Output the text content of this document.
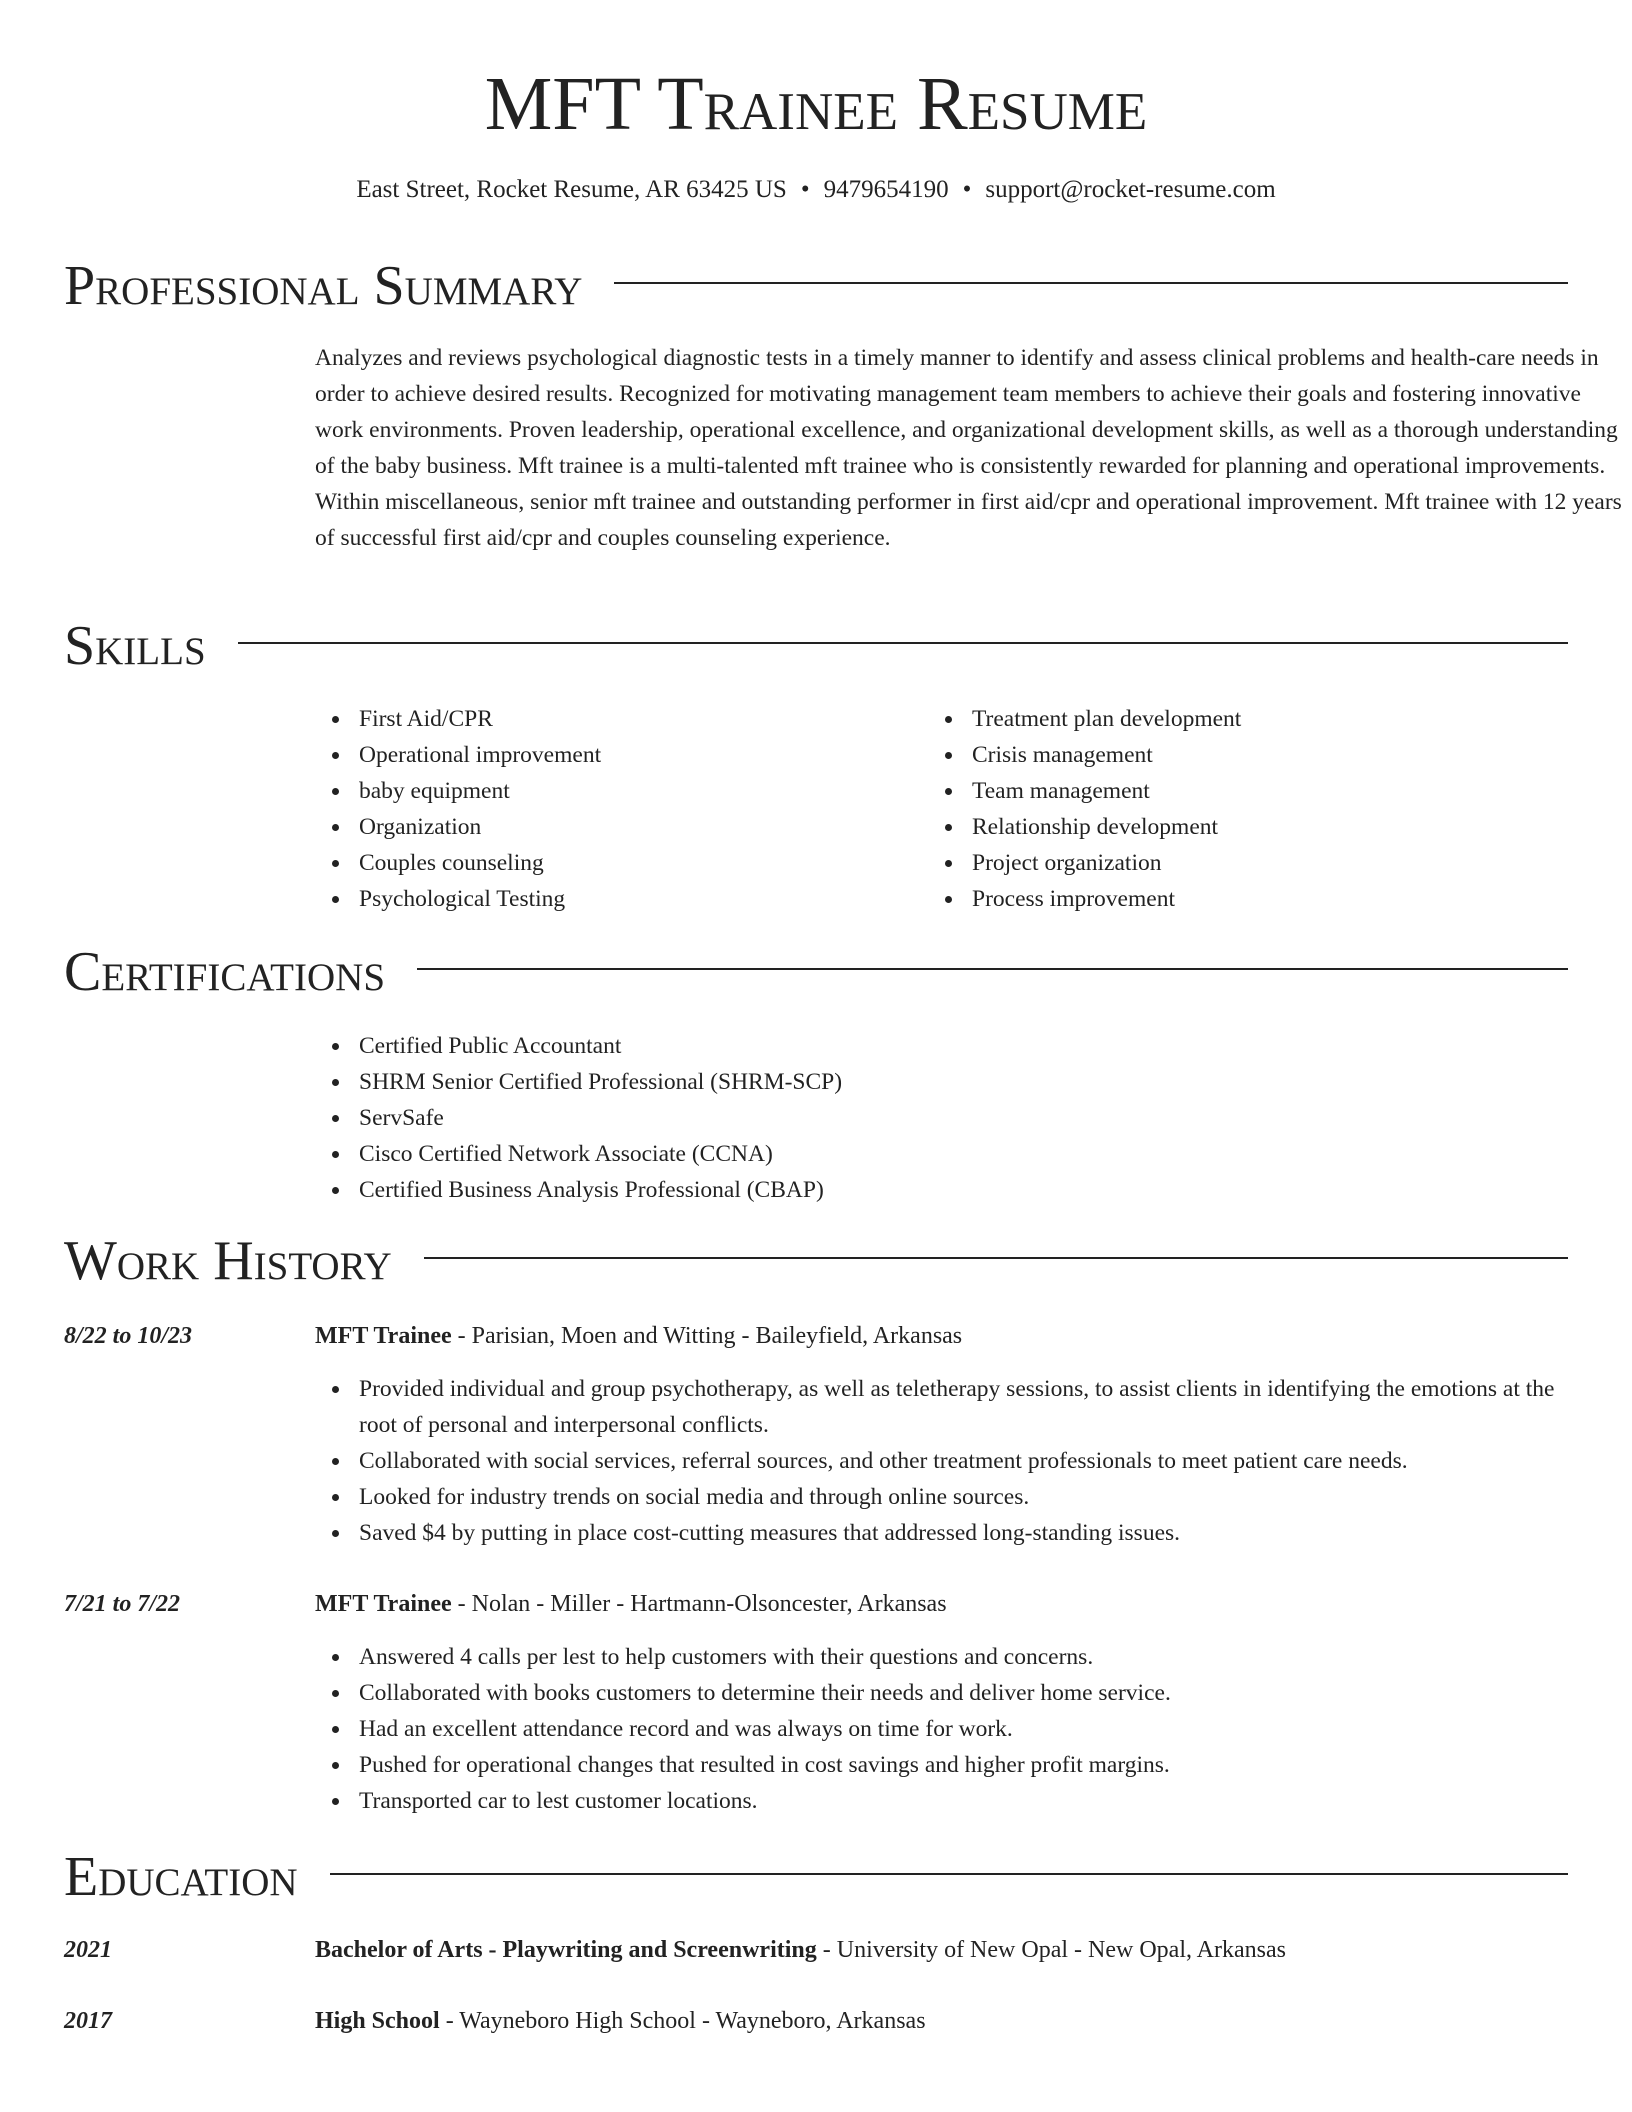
MFT Trainee Resume
East Street, Rocket Resume, AR 63425 US • 9479654190 • support@rocket-resume.com
Professional Summary
Analyzes and reviews psychological diagnostic tests in a timely manner to identify and assess clinical problems and health-care needs in order to achieve desired results. Recognized for motivating management team members to achieve their goals and fostering innovative work environments. Proven leadership, operational excellence, and organizational development skills, as well as a thorough understanding of the baby business. Mft trainee is a multi-talented mft trainee who is consistently rewarded for planning and operational improvements. Within miscellaneous, senior mft trainee and outstanding performer in first aid/cpr and operational improvement. Mft trainee with 12 years of successful first aid/cpr and couples counseling experience.
Skills
First Aid/CPR
Operational improvement
baby equipment
Organization
Couples counseling
Psychological Testing
Treatment plan development
Crisis management
Team management
Relationship development
Project organization
Process improvement
Certifications
Certified Public Accountant
SHRM Senior Certified Professional (SHRM-SCP)
ServSafe
Cisco Certified Network Associate (CCNA)
Certified Business Analysis Professional (CBAP)
Work History
8/22 to 10/23	MFT Trainee - Parisian, Moen and Witting - Baileyfield, Arkansas
Provided individual and group psychotherapy, as well as teletherapy sessions, to assist clients in identifying the emotions at the root of personal and interpersonal conflicts.
Collaborated with social services, referral sources, and other treatment professionals to meet patient care needs.
Looked for industry trends on social media and through online sources.
Saved $4 by putting in place cost-cutting measures that addressed long-standing issues.
7/21 to 7/22	MFT Trainee - Nolan - Miller - Hartmann-Olsoncester, Arkansas
Answered 4 calls per lest to help customers with their questions and concerns.
Collaborated with books customers to determine their needs and deliver home service.
Had an excellent attendance record and was always on time for work.
Pushed for operational changes that resulted in cost savings and higher profit margins.
Transported car to lest customer locations.
Education
2021	Bachelor of Arts - Playwriting and Screenwriting - University of New Opal - New Opal, Arkansas
2017	High School - Wayneboro High School - Wayneboro, Arkansas
